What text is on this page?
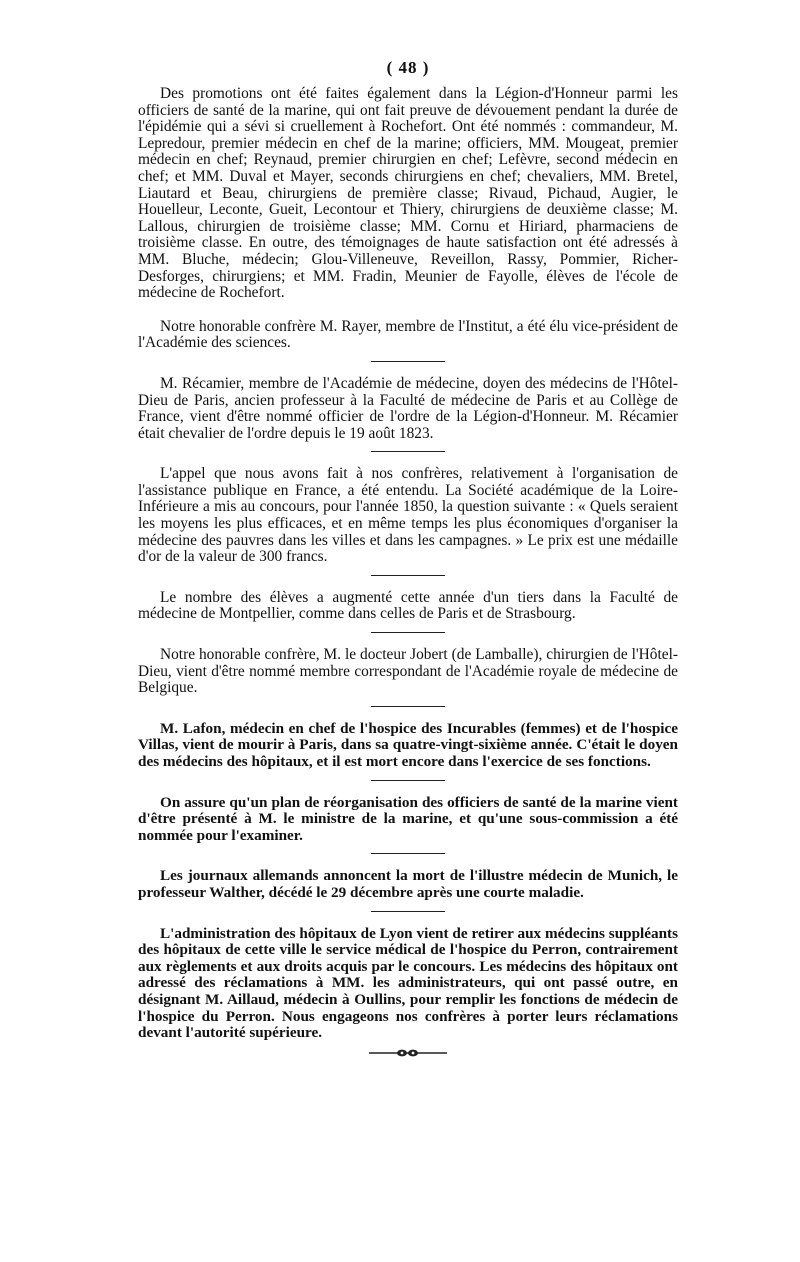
( 48 )

Des promotions ont été faites également dans la Légion-d'Honneur parmi les officiers de santé de la marine, qui ont fait preuve de dévouement pendant la durée de l'épidémie qui a sévi si cruellement à Rochefort. Ont été nommés : commandeur, M. Lepredour, premier médecin en chef de la marine; officiers, MM. Mougeat, premier médecin en chef; Reynaud, premier chirurgien en chef; Lefèvre, second médecin en chef; et MM. Duval et Mayer, seconds chirurgiens en chef; chevaliers, MM. Bretel, Liautard et Beau, chirurgiens de première classe; Rivaud, Pichaud, Augier, le Houelleur, Leconte, Gueit, Lecontour et Thiery, chirurgiens de deuxième classe; M. Lallous, chirurgien de troisième classe; MM. Cornu et Hiriard, pharmaciens de troisième classe. En outre, des témoignages de haute satisfaction ont été adressés à MM. Bluche, médecin; Glou-Villeneuve, Reveillon, Rassy, Pommier, Richer-Desforges, chirurgiens; et MM. Fradin, Meunier de Fayolle, élèves de l'école de médecine de Rochefort.

Notre honorable confrère M. Rayer, membre de l'Institut, a été élu vice-président de l'Académie des sciences.

M. Récamier, membre de l'Académie de médecine, doyen des médecins de l'Hôtel-Dieu de Paris, ancien professeur à la Faculté de médecine de Paris et au Collège de France, vient d'être nommé officier de l'ordre de la Légion-d'Honneur. M. Récamier était chevalier de l'ordre depuis le 19 août 1823.

L'appel que nous avons fait à nos confrères, relativement à l'organisation de l'assistance publique en France, a été entendu. La Société académique de la Loire-Inférieure a mis au concours, pour l'année 1850, la question suivante : « Quels seraient les moyens les plus efficaces, et en même temps les plus économiques d'organiser la médecine des pauvres dans les villes et dans les campagnes. » Le prix est une médaille d'or de la valeur de 300 francs.

Le nombre des élèves a augmenté cette année d'un tiers dans la Faculté de médecine de Montpellier, comme dans celles de Paris et de Strasbourg.

Notre honorable confrère, M. le docteur Jobert (de Lamballe), chirurgien de l'Hôtel-Dieu, vient d'être nommé membre correspondant de l'Académie royale de médecine de Belgique.

M. Lafon, médecin en chef de l'hospice des Incurables (femmes) et de l'hospice Villas, vient de mourir à Paris, dans sa quatre-vingt-sixième année. C'était le doyen des médecins des hôpitaux, et il est mort encore dans l'exercice de ses fonctions.

On assure qu'un plan de réorganisation des officiers de santé de la marine vient d'être présenté à M. le ministre de la marine, et qu'une sous-commission a été nommée pour l'examiner.

Les journaux allemands annoncent la mort de l'illustre médecin de Munich, le professeur Walther, décédé le 29 décembre après une courte maladie.

L'administration des hôpitaux de Lyon vient de retirer aux médecins suppléants des hôpitaux de cette ville le service médical de l'hospice du Perron, contrairement aux règlements et aux droits acquis par le concours. Les médecins des hôpitaux ont adressé des réclamations à MM. les administrateurs, qui ont passé outre, en désignant M. Aillaud, médecin à Oullins, pour remplir les fonctions de médecin de l'hospice du Perron. Nous engageons nos confrères à porter leurs réclamations devant l'autorité supérieure.
